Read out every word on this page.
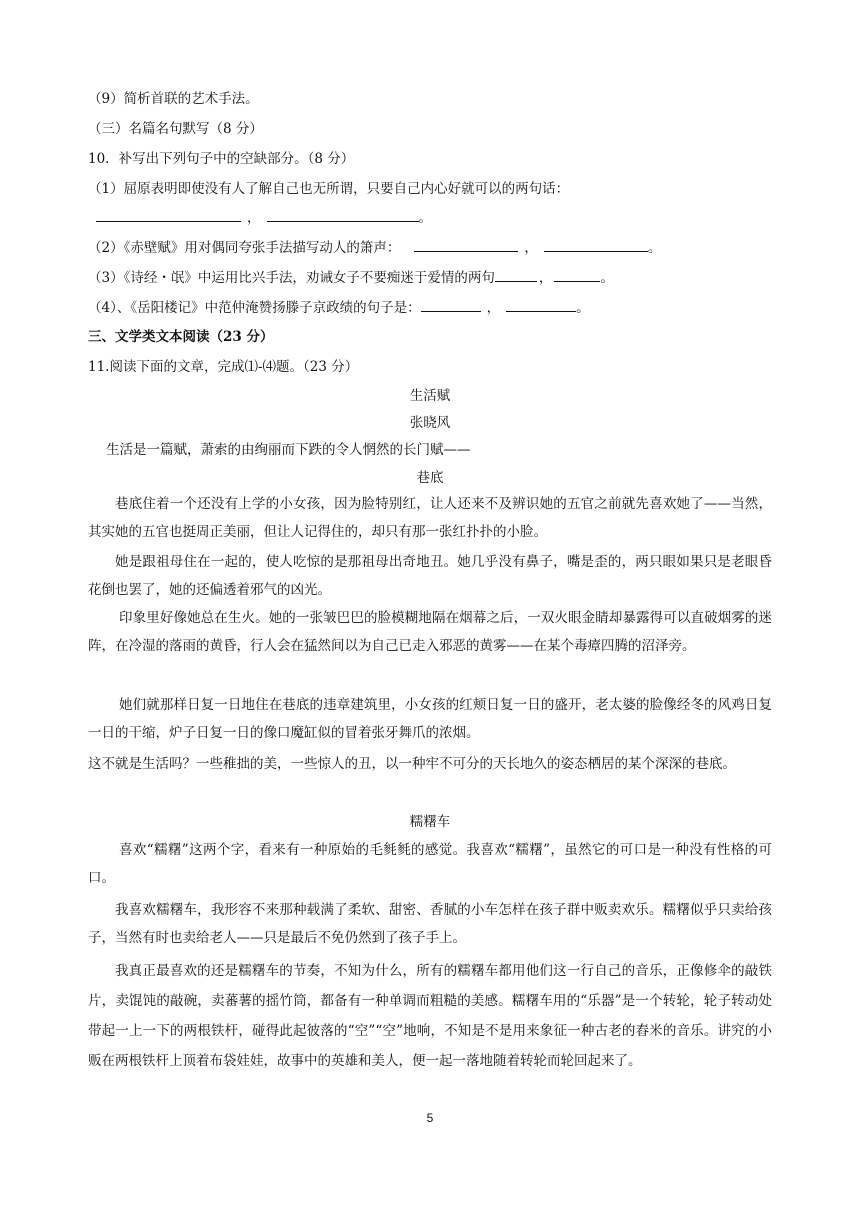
（9）简析首联的艺术手法。
（三）名篇名句默写（8 分）
10．补写出下列句子中的空缺部分。（8 分）
（1）屈原表明即使没有人了解自己也无所谓，只要自己内心好就可以的两句话：
，	。
（2）《赤壁赋》用对偶同夸张手法描写动人的箫声：	，	。
（3）《诗经・氓》中运用比兴手法，劝诫女子不要痴迷于爱情的两句	，	。
（4）、《岳阳楼记》中范仲淹赞扬滕子京政绩的句子是：	，	。
三、文学类文本阅读（23 分）
11.阅读下面的文章，完成⑴-⑷题。（23 分）
生活赋
张晓风
生活是一篇赋，萧索的由绚丽而下跌的令人惘然的长门赋——
巷底
巷底住着一个还没有上学的小女孩，因为脸特别红，让人还来不及辨识她的五官之前就先喜欢她了——当然，其实她的五官也挺周正美丽，但让人记得住的，却只有那一张红扑扑的小脸。
她是跟祖母住在一起的，使人吃惊的是那祖母出奇地丑。她几乎没有鼻子，嘴是歪的，两只眼如果只是老眼昏花倒也罢了，她的还偏透着邪气的凶光。
印象里好像她总在生火。她的一张皱巴巴的脸模糊地隔在烟幕之后，一双火眼金睛却暴露得可以直破烟雾的迷阵，在冷湿的落雨的黄昏，行人会在猛然间以为自己已走入邪恶的黄雾——在某个毒瘴四腾的沼泽旁。
她们就那样日复一日地住在巷底的违章建筑里，小女孩的红颊日复一日的盛开，老太婆的脸像经冬的风鸡日复一日的干缩，炉子日复一日的像口魔缸似的冒着张牙舞爪的浓烟。
这不就是生活吗？一些稚拙的美，一些惊人的丑，以一种牢不可分的天长地久的姿态栖居的某个深深的巷底。
糯糬车
喜欢“糯糬”这两个字，看来有一种原始的毛毵毵的感觉。我喜欢“糯糬”，虽然它的可口是一种没有性格的可口。
我喜欢糯糬车，我形容不来那种载满了柔软、甜密、香腻的小车怎样在孩子群中贩卖欢乐。糯糬似乎只卖给孩子，当然有时也卖给老人——只是最后不免仍然到了孩子手上。
我真正最喜欢的还是糯糬车的节奏，不知为什么，所有的糯糬车都用他们这一行自己的音乐，正像修伞的敲铁片，卖馄饨的敲碗，卖蕃薯的摇竹筒，都备有一种单调而粗糙的美感。糯糬车用的“乐器”是一个转轮，轮子转动处带起一上一下的两根铁杆，碰得此起彼落的“空”“空”地响，不知是不是用来象征一种古老的舂米的音乐。讲究的小贩在两根铁杆上顶着布袋娃娃，故事中的英雄和美人，便一起一落地随着转轮而轮回起来了。
5
